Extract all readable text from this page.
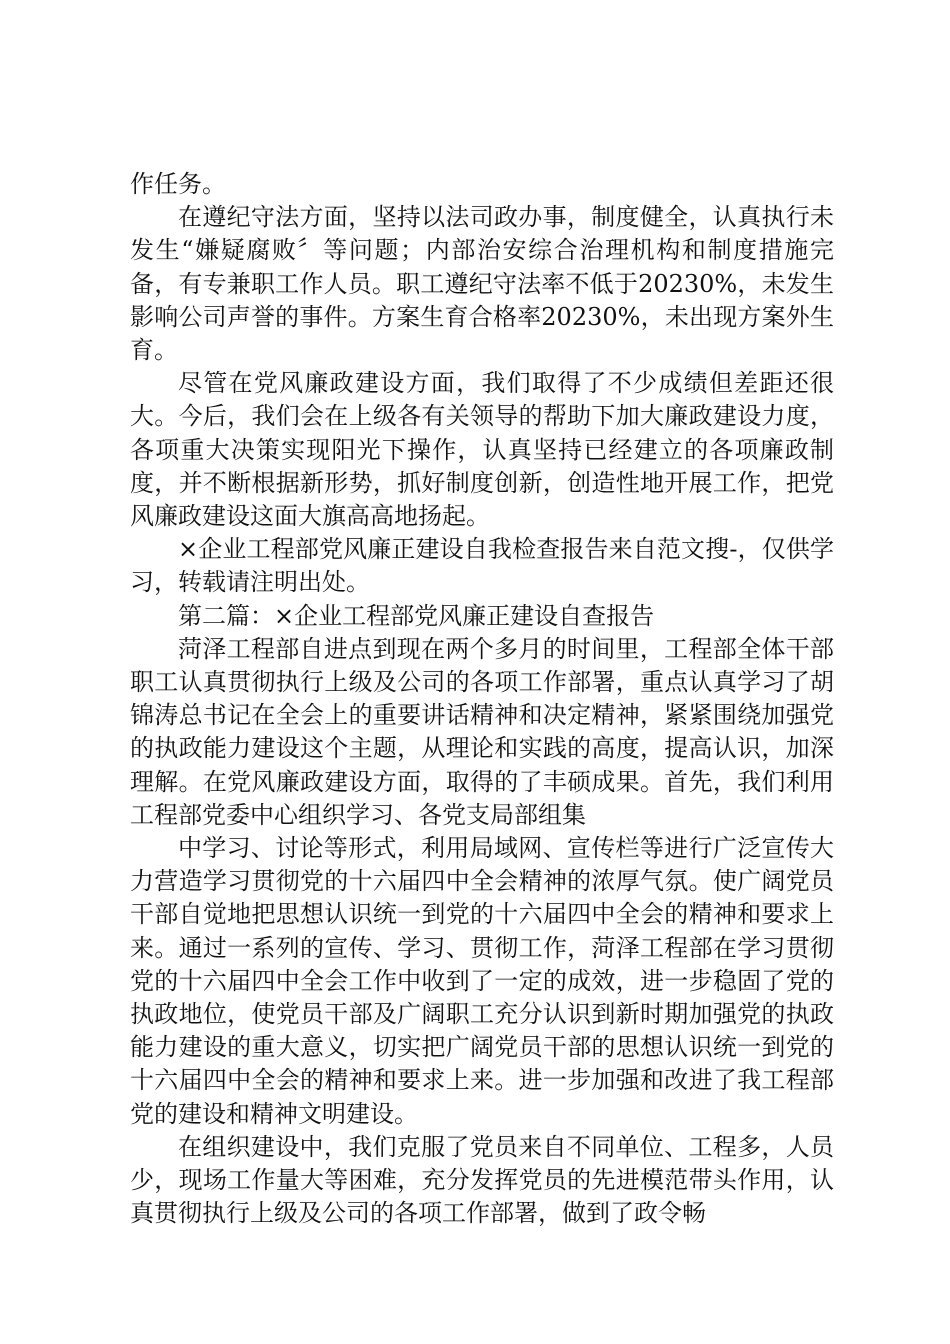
作任务。

在遵纪守法方面，坚持以法司政办事，制度健全，认真执行未发生“嫌疑腐败〞等问题；内部治安综合治理机构和制度措施完备，有专兼职工作人员。职工遵纪守法率不低于20230%，未发生影响公司声誉的事件。方案生育合格率20230%，未出现方案外生育。

尽管在党风廉政建设方面，我们取得了不少成绩但差距还很大。今后，我们会在上级各有关领导的帮助下加大廉政建设力度，各项重大决策实现阳光下操作，认真坚持已经建立的各项廉政制度，并不断根据新形势，抓好制度创新，创造性地开展工作，把党风廉政建设这面大旗高高地扬起。

×企业工程部党风廉正建设自我检查报告来自范文搜-，仅供学习，转载请注明出处。

第二篇：×企业工程部党风廉正建设自查报告

菏泽工程部自进点到现在两个多月的时间里，工程部全体干部职工认真贯彻执行上级及公司的各项工作部署，重点认真学习了胡锦涛总书记在全会上的重要讲话精神和决定精神，紧紧围绕加强党的执政能力建设这个主题，从理论和实践的高度，提高认识，加深理解。在党风廉政建设方面，取得的了丰硕成果。首先，我们利用工程部党委中心组织学习、各党支局部组集

中学习、讨论等形式，利用局域网、宣传栏等进行广泛宣传大力营造学习贯彻党的十六届四中全会精神的浓厚气氛。使广阔党员干部自觉地把思想认识统一到党的十六届四中全会的精神和要求上来。通过一系列的宣传、学习、贯彻工作，菏泽工程部在学习贯彻党的十六届四中全会工作中收到了一定的成效，进一步稳固了党的执政地位，使党员干部及广阔职工充分认识到新时期加强党的执政能力建设的重大意义，切实把广阔党员干部的思想认识统一到党的十六届四中全会的精神和要求上来。进一步加强和改进了我工程部党的建设和精神文明建设。

在组织建设中，我们克服了党员来自不同单位、工程多，人员少，现场工作量大等困难，充分发挥党员的先进模范带头作用，认真贯彻执行上级及公司的各项工作部署，做到了政令畅
